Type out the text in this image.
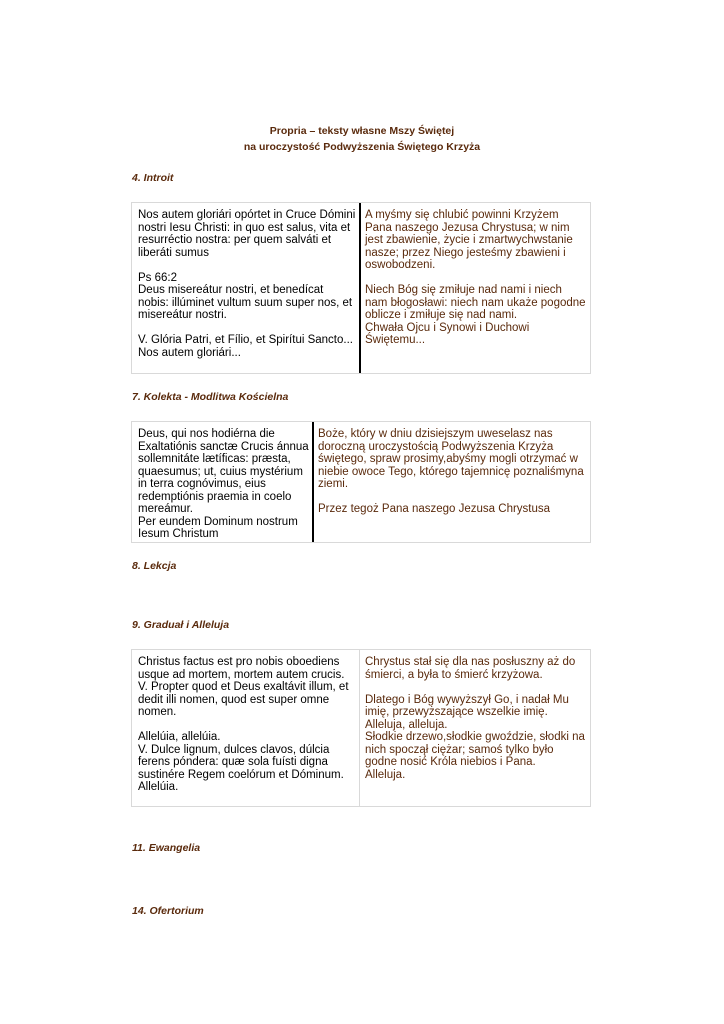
Propria – teksty własne Mszy Świętej
na uroczystość Podwyższenia Świętego Krzyża
4. Introit
Nos autem gloriári opórtet in Cruce Dómini nostri Iesu Christi: in quo est salus, vita et resurréctio nostra: per quem salváti et liberáti sumus

Ps 66:2
Deus misereátur nostri, et benedícat nobis: illúminet vultum suum super nos, et misereátur nostri.

V. Glória Patri, et Fílio, et Spirítui Sancto...
Nos autem gloriári...
A myśmy się chlubić powinni Krzyżem Pana naszego Jezusa Chrystusa; w nim jest zbawienie, życie i zmartwychwstanie nasze; przez Niego jesteśmy zbawieni i oswobodzeni.

Niech Bóg się zmiłuje nad nami i niech nam błogosławi: niech nam ukaże pogodne oblicze i zmiłuje się nad nami.
Chwała Ojcu i Synowi i Duchowi Świętemu...
7. Kolekta - Modlitwa Kościelna
Deus, qui nos hodiérna die Exaltatiónis sanctæ Crucis ánnua sollemnitáte lætíficas: præsta, quaesumus; ut, cuius mystérium in terra cognóvimus, eius redemptiónis praemia in coelo mereámur.
Per eundem Dominum nostrum Iesum Christum
Boże, który w dniu dzisiejszym uweselasz nas doroczną uroczystością Podwyższenia Krzyża świętego, spraw prosimy,abyśmy mogli otrzymać w niebie owoce Tego, którego tajemnicę poznaliśmyna ziemi.

Przez tegoż Pana naszego Jezusa Chrystusa
8. Lekcja
9. Graduał i Alleluja
Christus factus est pro nobis oboediens usque ad mortem, mortem autem crucis.
V. Propter quod et Deus exaltávit illum, et dedit illi nomen, quod est super omne nomen.

Allelúia, allelúia.
V. Dulce lignum, dulces clavos, dúlcia ferens póndera: quæ sola fuísti digna sustinére Regem coelórum et Dóminum. Allelúia.
Chrystus stał się dla nas posłuszny aż do śmierci, a była to śmierć krzyżowa.

Dlatego i Bóg wywyższył Go, i nadał Mu imię, przewyższające wszelkie imię.
Alleluja, alleluja.
Słodkie drzewo,słodkie gwoździe, słodki na nich spoczął ciężar; samoś tylko było godne nosić Króla niebios i Pana.
Alleluja.
11. Ewangelia
14. Ofertorium
